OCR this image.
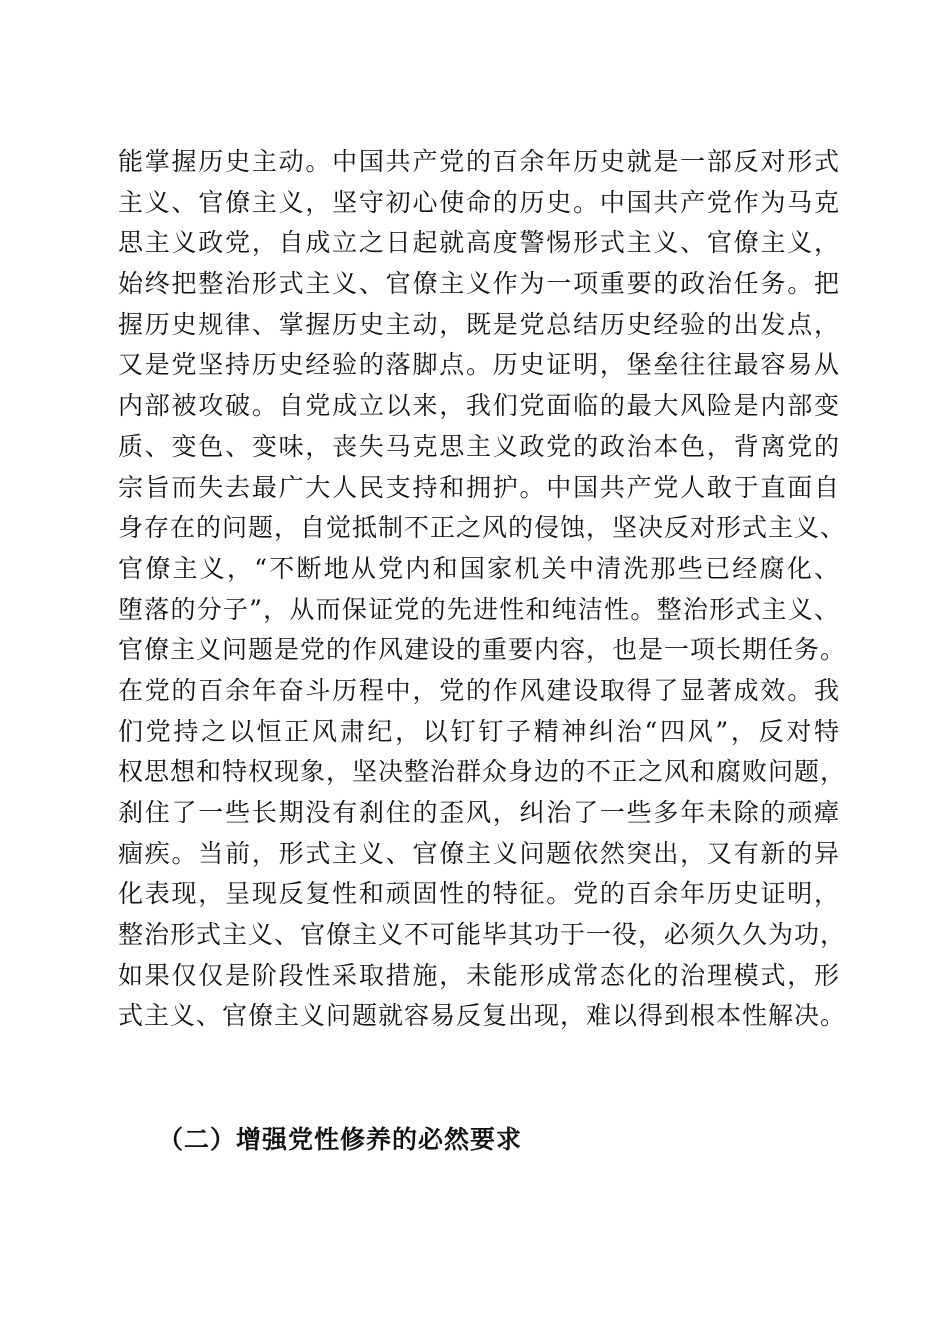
能掌握历史主动。中国共产党的百余年历史就是一部反对形式
主义、官僚主义，坚守初心使命的历史。中国共产党作为马克
思主义政党，自成立之日起就高度警惕形式主义、官僚主义，
始终把整治形式主义、官僚主义作为一项重要的政治任务。把
握历史规律、掌握历史主动，既是党总结历史经验的出发点，
又是党坚持历史经验的落脚点。历史证明，堡垒往往最容易从
内部被攻破。自党成立以来，我们党面临的最大风险是内部变
质、变色、变味，丧失马克思主义政党的政治本色，背离党的
宗旨而失去最广大人民支持和拥护。中国共产党人敢于直面自
身存在的问题，自觉抵制不正之风的侵蚀，坚决反对形式主义、
官僚主义，“不断地从党内和国家机关中清洗那些已经腐化、
堕落的分子”，从而保证党的先进性和纯洁性。整治形式主义、
官僚主义问题是党的作风建设的重要内容，也是一项长期任务。
在党的百余年奋斗历程中，党的作风建设取得了显著成效。我
们党持之以恒正风肃纪，以钉钉子精神纠治“四风”，反对特
权思想和特权现象，坚决整治群众身边的不正之风和腐败问题，
刹住了一些长期没有刹住的歪风，纠治了一些多年未除的顽瘴
痼疾。当前，形式主义、官僚主义问题依然突出，又有新的异
化表现，呈现反复性和顽固性的特征。党的百余年历史证明，
整治形式主义、官僚主义不可能毕其功于一役，必须久久为功，
如果仅仅是阶段性采取措施，未能形成常态化的治理模式，形
式主义、官僚主义问题就容易反复出现，难以得到根本性解决。
（二）增强党性修养的必然要求
